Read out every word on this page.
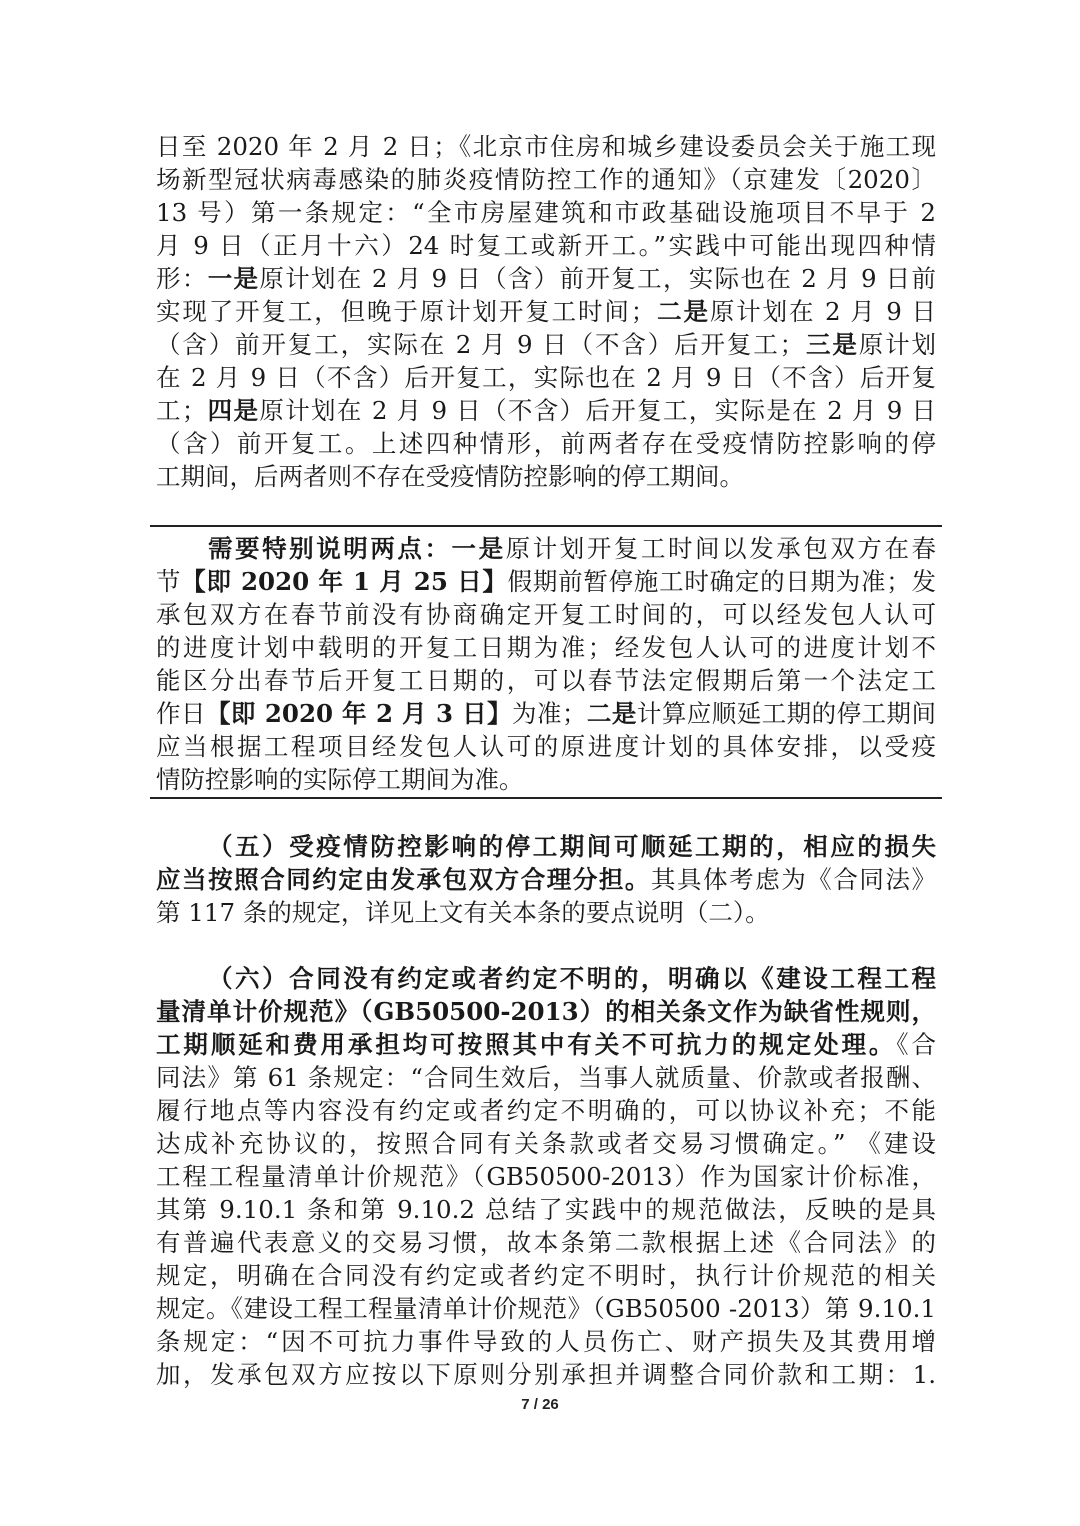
日至 2020 年 2 月 2 日；《北京市住房和城乡建设委员会关于施工现
场新型冠状病毒感染的肺炎疫情防控工作的通知》（京建发〔2020〕
13 号）第一条规定：“全市房屋建筑和市政基础设施项目不早于 2
月 9 日（正月十六）24 时复工或新开工。”实践中可能出现四种情
形：一是原计划在 2 月 9 日（含）前开复工，实际也在 2 月 9 日前
实现了开复工，但晚于原计划开复工时间；二是原计划在 2 月 9 日
（含）前开复工，实际在 2 月 9 日（不含）后开复工；三是原计划
在 2 月 9 日（不含）后开复工，实际也在 2 月 9 日（不含）后开复
工；四是原计划在 2 月 9 日（不含）后开复工，实际是在 2 月 9 日
（含）前开复工。上述四种情形，前两者存在受疫情防控影响的停
工期间，后两者则不存在受疫情防控影响的停工期间。
需要特别说明两点：一是原计划开复工时间以发承包双方在春
节【即 2020 年 1 月 25 日】假期前暂停施工时确定的日期为准；发
承包双方在春节前没有协商确定开复工时间的，可以经发包人认可
的进度计划中载明的开复工日期为准；经发包人认可的进度计划不
能区分出春节后开复工日期的，可以春节法定假期后第一个法定工
作日【即 2020 年 2 月 3 日】为准；二是计算应顺延工期的停工期间
应当根据工程项目经发包人认可的原进度计划的具体安排，以受疫
情防控影响的实际停工期间为准。
（五）受疫情防控影响的停工期间可顺延工期的，相应的损失
应当按照合同约定由发承包双方合理分担。其具体考虑为《合同法》
第 117 条的规定，详见上文有关本条的要点说明（二）。
（六）合同没有约定或者约定不明的，明确以《建设工程工程
量清单计价规范》（GB50500-2013）的相关条文作为缺省性规则，
工期顺延和费用承担均可按照其中有关不可抗力的规定处理。《合
同法》第 61 条规定：“合同生效后，当事人就质量、价款或者报酬、
履行地点等内容没有约定或者约定不明确的，可以协议补充；不能
达成补充协议的，按照合同有关条款或者交易习惯确定。” 《建设
工程工程量清单计价规范》（GB50500-2013）作为国家计价标准，
其第 9.10.1 条和第 9.10.2 总结了实践中的规范做法，反映的是具
有普遍代表意义的交易习惯，故本条第二款根据上述《合同法》的
规定，明确在合同没有约定或者约定不明时，执行计价规范的相关
规定。《建设工程工程量清单计价规范》（GB50500 -2013）第 9.10.1
条规定：“因不可抗力事件导致的人员伤亡、财产损失及其费用增
加，发承包双方应按以下原则分别承担并调整合同价款和工期：1.
7 / 26
